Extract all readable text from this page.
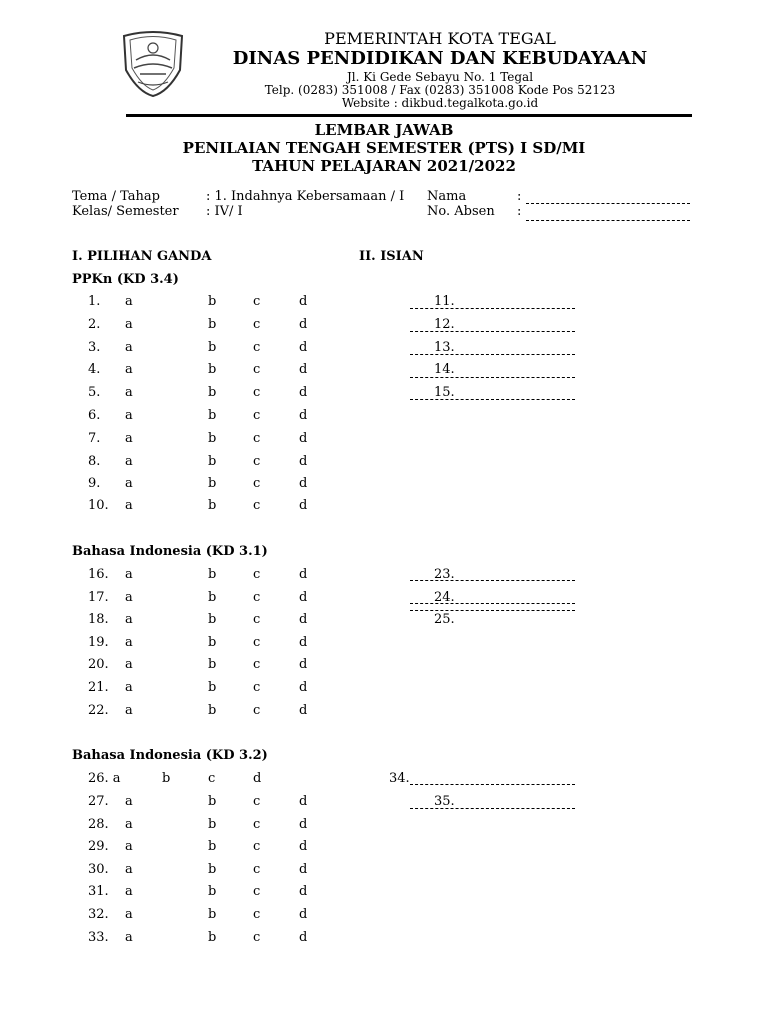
PEMERINTAH KOTA TEGAL
DINAS PENDIDIKAN DAN KEBUDAYAAN
Jl. Ki Gede Sebayu No. 1 Tegal
Telp. (0283) 351008 / Fax (0283) 351008 Kode Pos 52123
Website : dikbud.tegalkota.go.id
LEMBAR JAWAB
PENILAIAN TENGAH SEMESTER (PTS) I SD/MI
TAHUN PELAJARAN 2021/2022
Tema / Tahap	: 1. Indahnya Kebersamaan / I
Kelas/ Semester : IV/ I
Nama	:
No. Absen :
I. PILIHAN GANDA	II. ISIAN
PPKn (KD 3.4)
1. a	b	c	d
2. a	b	c	d
3. a	b	c	d
4. a	b	c	d
5. a	b	c	d
6. a	b	c	d
7. a	b	c	d
8. a	b	c	d
9. a	b	c	d
10. a	b	c	d
11.
12.
13.
14.
15.
Bahasa Indonesia (KD 3.1)
16. a	b	c	d
17. a	b	c	d
18. a	b	c	d
19. a	b	c	d
20. a	b	c	d
21. a	b	c	d
22. a	b	c	d
23.
24.
25.
Bahasa Indonesia (KD 3.2)
26. a	b	c	d
27. a	b	c	d
28. a	b	c	d
29. a	b	c	d
30. a	b	c	d
31. a	b	c	d
32. a	b	c	d
33. a	b	c	d
34.
35.
